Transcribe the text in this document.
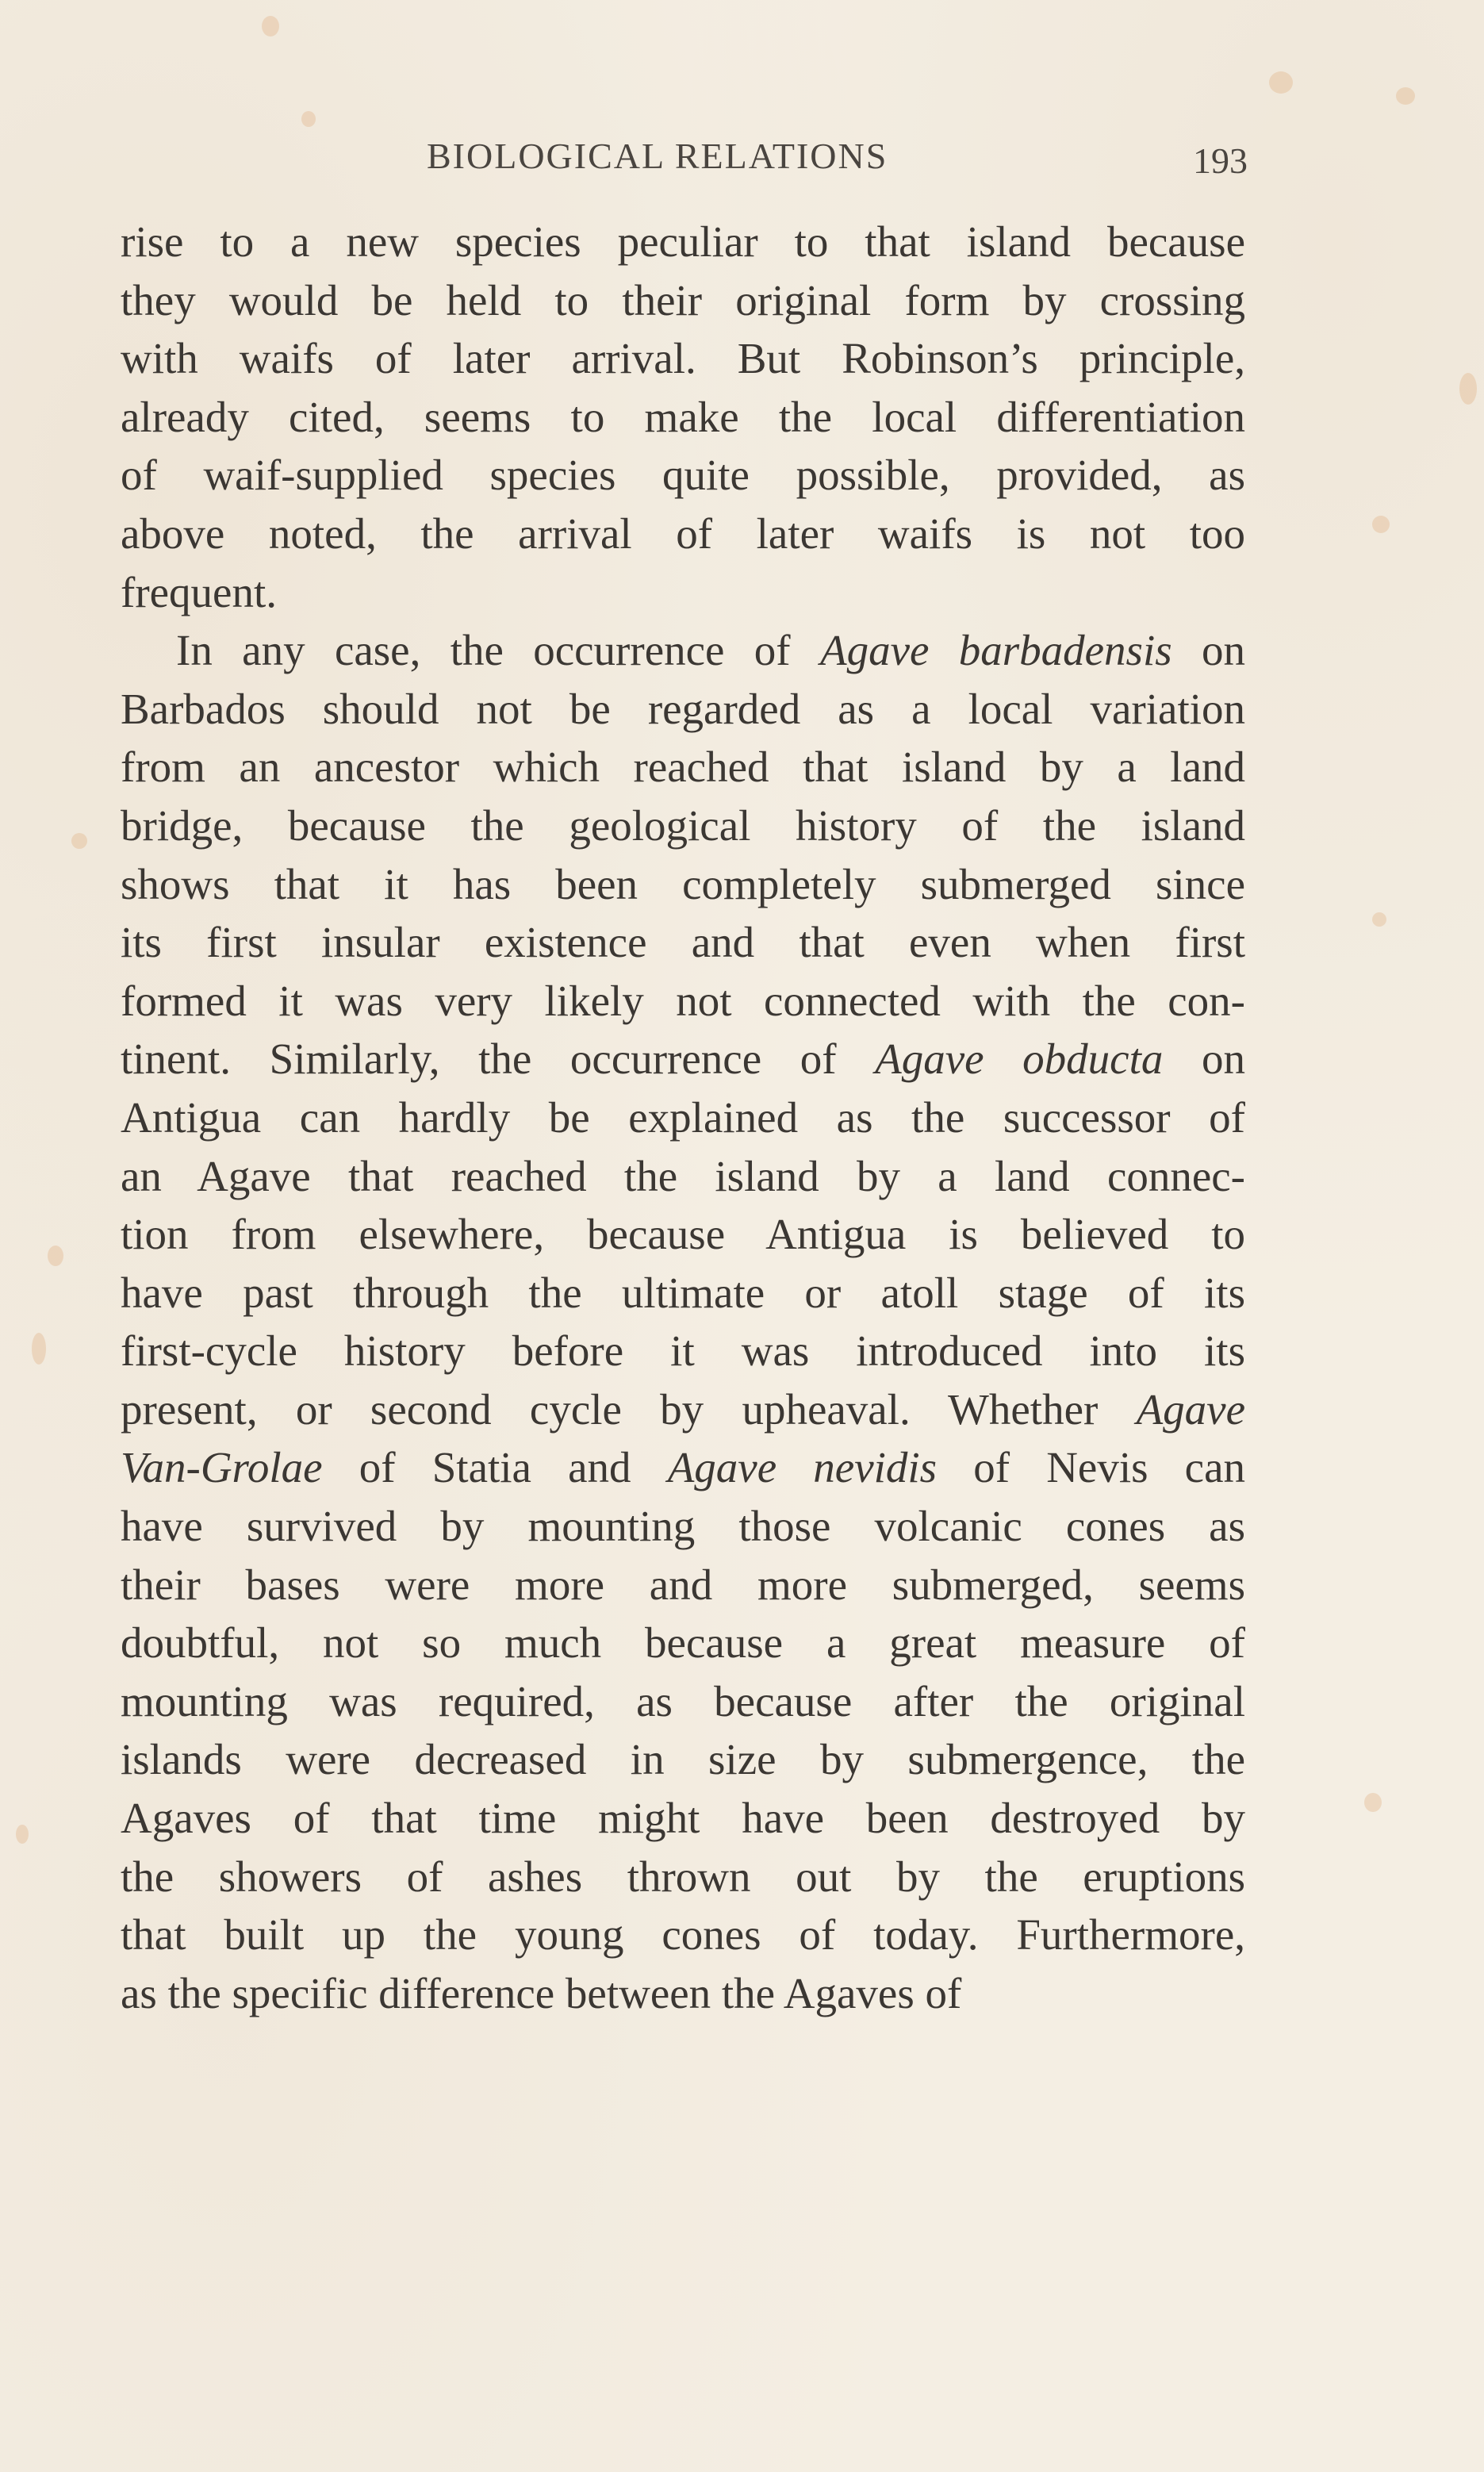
BIOLOGICAL RELATIONS	193
rise to a new species peculiar to that island because
they would be held to their original form by crossing
with waifs of later arrival. But Robinson’s principle,
already cited, seems to make the local differentiation
of waif-supplied species quite possible, provided, as
above noted, the arrival of later waifs is not too
frequent.
In any case, the occurrence of Agave barbadensis on
Barbados should not be regarded as a local variation
from an ancestor which reached that island by a land
bridge, because the geological history of the island
shows that it has been completely submerged since
its first insular existence and that even when first
formed it was very likely not connected with the con-
tinent. Similarly, the occurrence of Agave obducta on
Antigua can hardly be explained as the successor of
an Agave that reached the island by a land connec-
tion from elsewhere, because Antigua is believed to
have past through the ultimate or atoll stage of its
first-cycle history before it was introduced into its
present, or second cycle by upheaval. Whether Agave
Van-Grolae of Statia and Agave nevidis of Nevis can
have survived by mounting those volcanic cones as
their bases were more and more submerged, seems
doubtful, not so much because a great measure of
mounting was required, as because after the original
islands were decreased in size by submergence, the
Agaves of that time might have been destroyed by
the showers of ashes thrown out by the eruptions
that built up the young cones of today. Furthermore,
as the specific difference between the Agaves of
